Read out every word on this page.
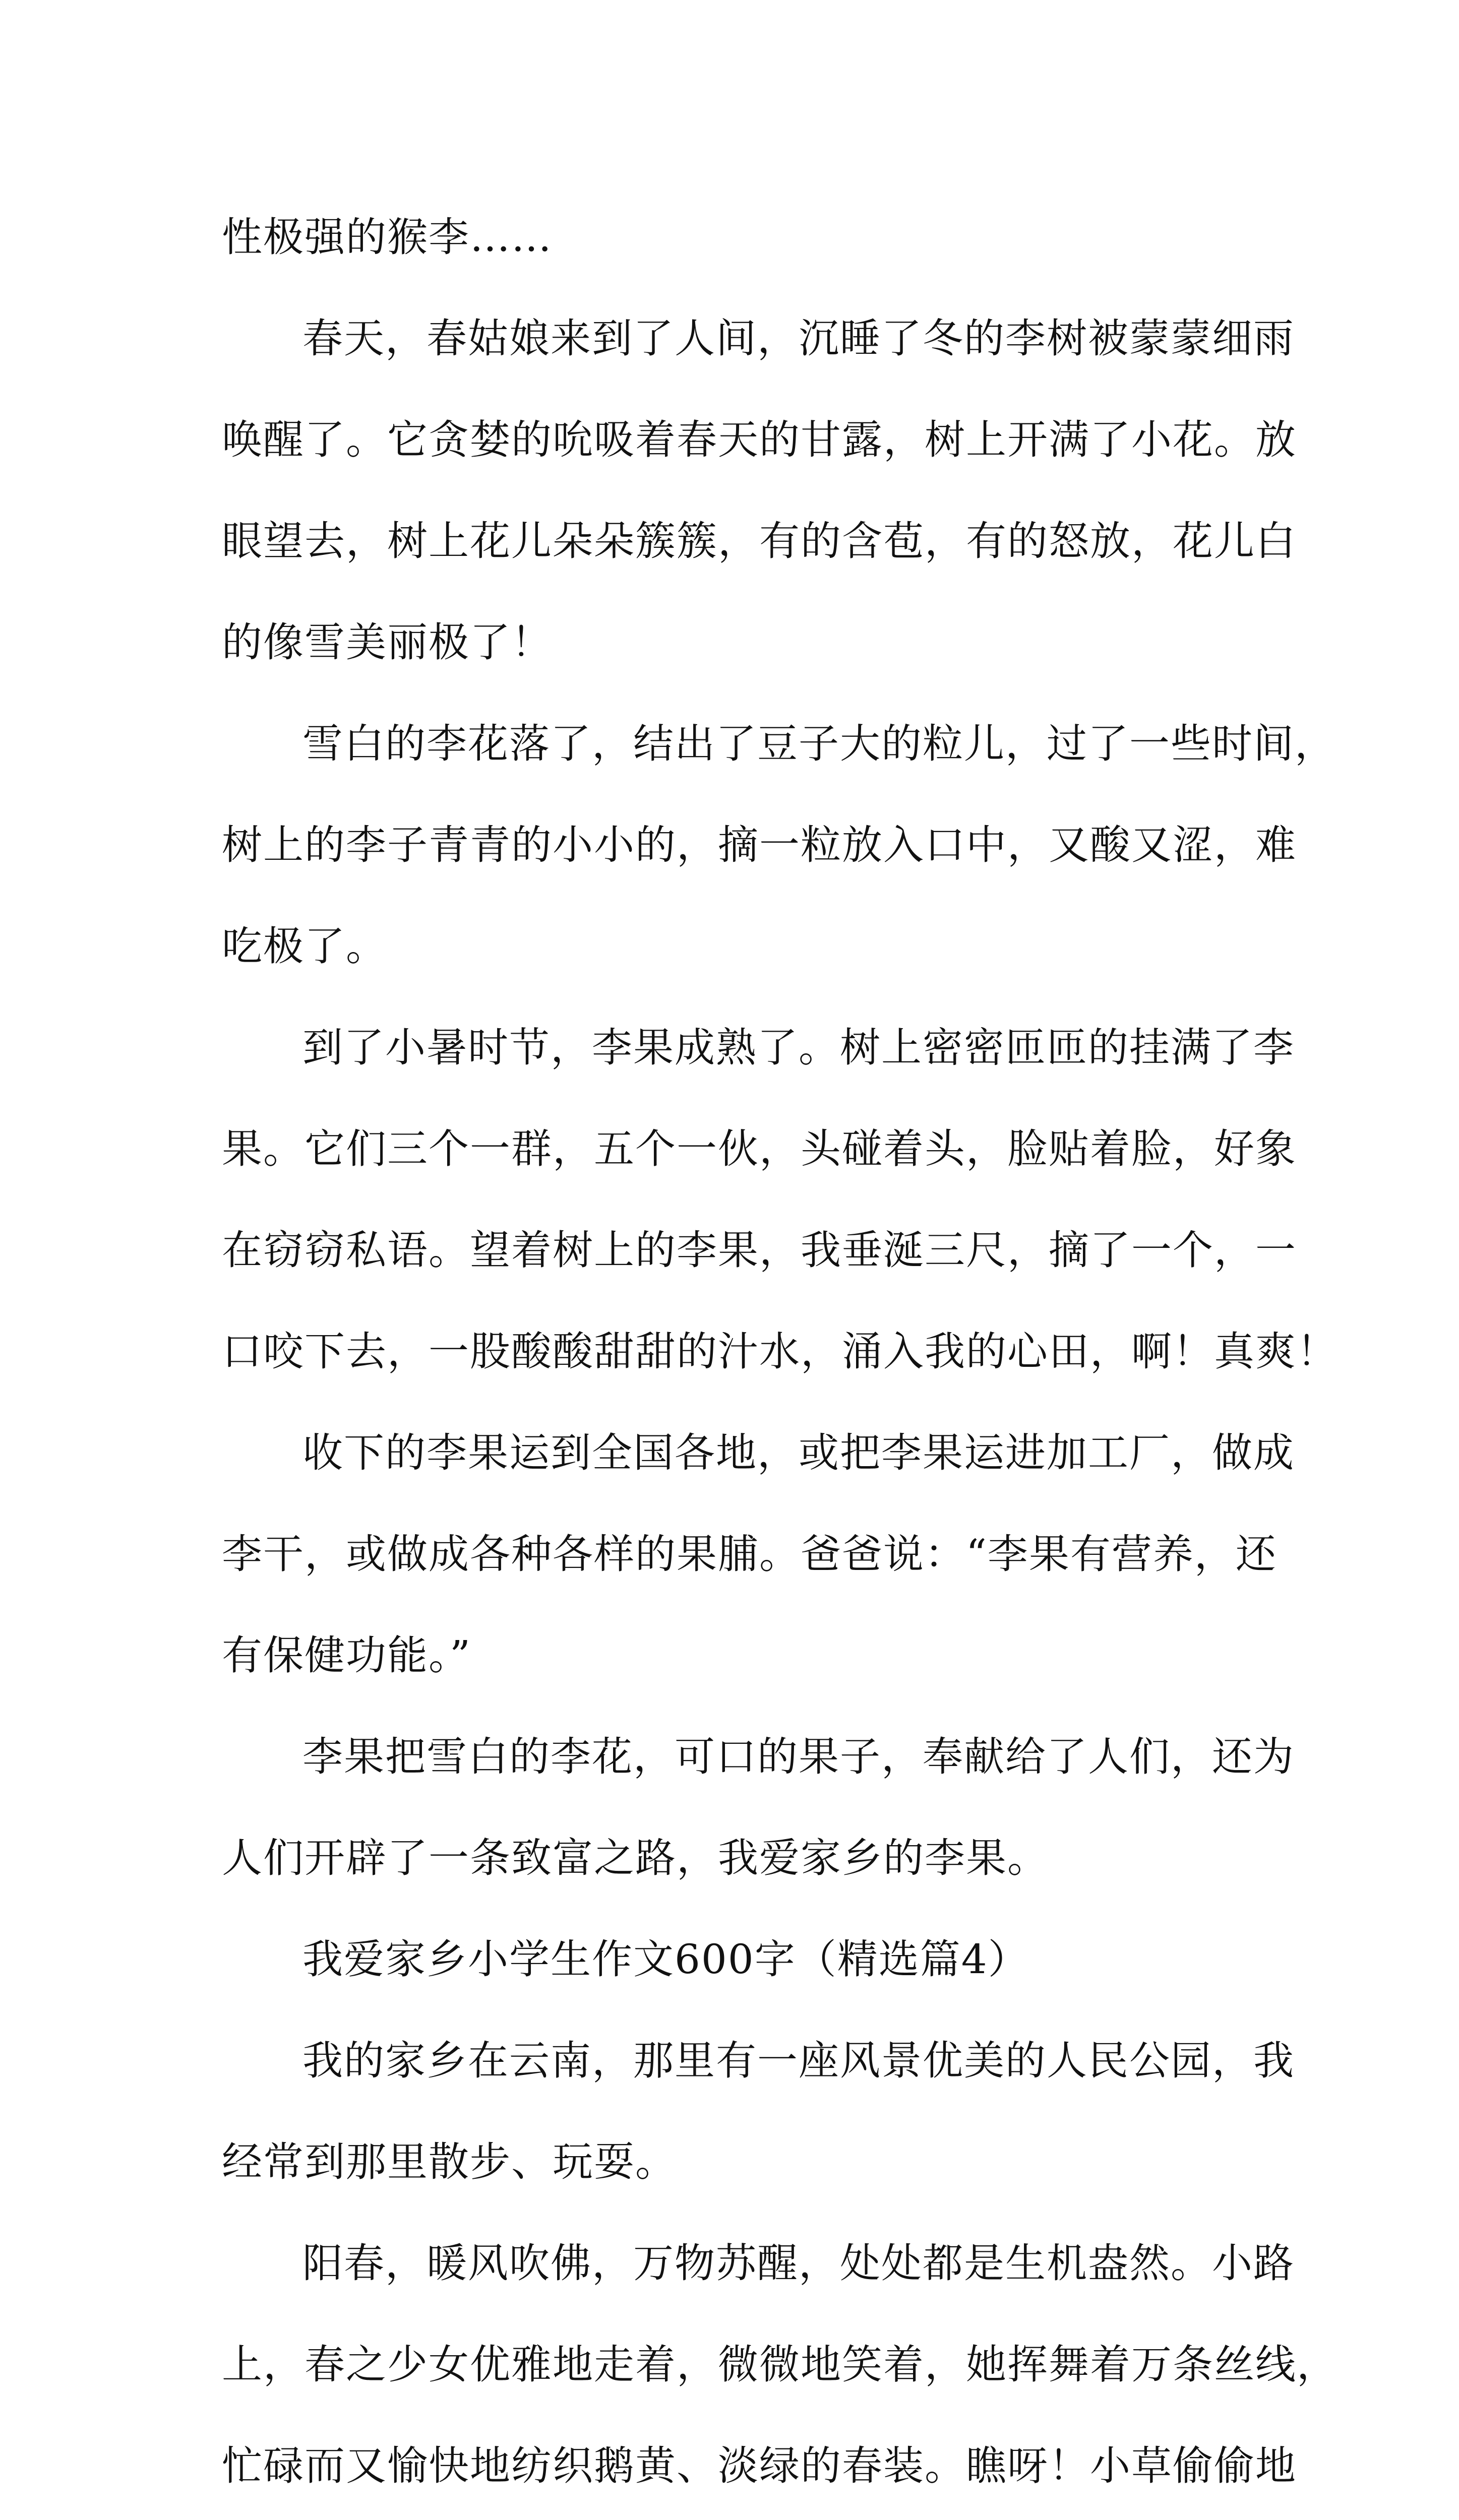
性极强的猴李……
春天，春姑娘来到了人间，沉睡了冬的李树被蒙蒙细雨
唤醒了。它贪婪的吮吸着春天的甘露，树上开满了小花。放
眼望去，树上花儿朵朵簇簇，有的含苞，有的怒放，花儿白
的像雪美丽极了！
雪白的李花落了，结出了豆子大的粒儿，过了一些时间，
树上的李子青青的小小的，摘一粒放入口中，又酸又涩，难
吃极了。
到了小暑时节，李果成熟了。树上密密匝匝的挂满了李
果。它们三个一群，五个一伙，头碰着头，脸贴着脸，好象
在窃窃私语。望着树上的李果，我垂涎三尺，摘了一个，一
口咬下去，一股酸酸甜甜的汁水，涌入我的心田，啊！真爽！
收下的李果运到全国各地，或把李果运进加工厂，做成
李干，或做成各种各样的果脯。爸爸说：“李果有营养，还
有保健功能。”
李果把雪白的李花，可口的果子，奉献给了人们，还为
人们开辟了一条致富之路，我爱家乡的李果。
我爱家乡小学生作文600字（精选篇4）
我的家乡在云南，那里有一座风景优美的人民公园，我
经常到那里散步、玩耍。
阳春，暖风吹佛，万物苏醒，处处都是生机盎然。小路
上，春之少女优雅地走着，微微地笑着，她挥舞着万条丝线，
忙碌而又愉快地纺织鹅黄、淡绿的春装。瞧呀！小草偷偷地
